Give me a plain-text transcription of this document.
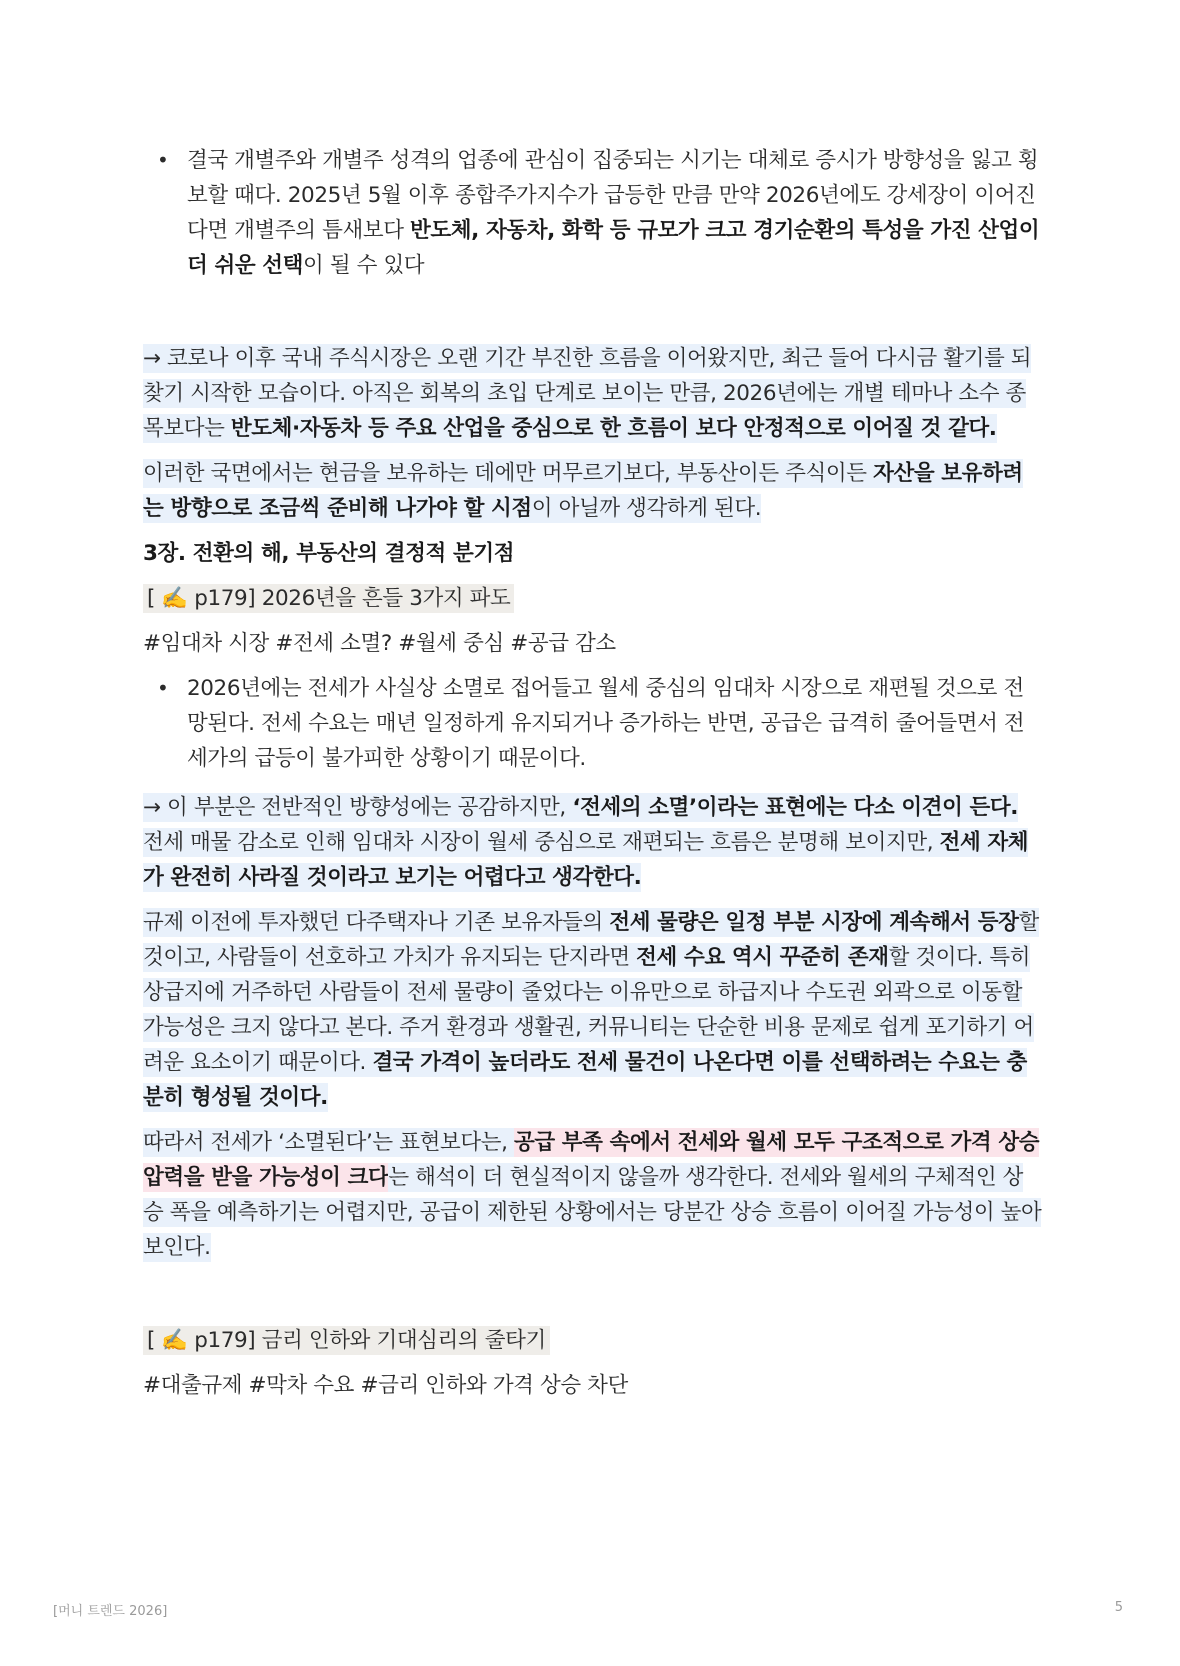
• 결국 개별주와 개별주 성격의 업종에 관심이 집중되는 시기는 대체로 증시가 방향성을 잃고 횡보할 때다. 2025년 5월 이후 종합주가지수가 급등한 만큼 만약 2026년에도 강세장이 이어진다면 개별주의 틈새보다 반도체, 자동차, 화학 등 규모가 크고 경기순환의 특성을 가진 산업이 더 쉬운 선택이 될 수 있다

→ 코로나 이후 국내 주식시장은 오랜 기간 부진한 흐름을 이어왔지만, 최근 들어 다시금 활기를 되찾기 시작한 모습이다. 아직은 회복의 초입 단계로 보이는 만큼, 2026년에는 개별 테마나 소수 종목보다는 반도체·자동차 등 주요 산업을 중심으로 한 흐름이 보다 안정적으로 이어질 것 같다.

이러한 국면에서는 현금을 보유하는 데에만 머무르기보다, 부동산이든 주식이든 자산을 보유하려는 방향으로 조금씩 준비해 나가야 할 시점이 아닐까 생각하게 된다.

3장. 전환의 해, 부동산의 결정적 분기점

[ ✍️ p179] 2026년을 흔들 3가지 파도

#임대차 시장 #전세 소멸? #월세 중심 #공급 감소

• 2026년에는 전세가 사실상 소멸로 접어들고 월세 중심의 임대차 시장으로 재편될 것으로 전망된다. 전세 수요는 매년 일정하게 유지되거나 증가하는 반면, 공급은 급격히 줄어들면서 전세가의 급등이 불가피한 상황이기 때문이다.

→ 이 부분은 전반적인 방향성에는 공감하지만, ‘전세의 소멸’이라는 표현에는 다소 이견이 든다. 전세 매물 감소로 인해 임대차 시장이 월세 중심으로 재편되는 흐름은 분명해 보이지만, 전세 자체가 완전히 사라질 것이라고 보기는 어렵다고 생각한다.

규제 이전에 투자했던 다주택자나 기존 보유자들의 전세 물량은 일정 부분 시장에 계속해서 등장할 것이고, 사람들이 선호하고 가치가 유지되는 단지라면 전세 수요 역시 꾸준히 존재할 것이다. 특히 상급지에 거주하던 사람들이 전세 물량이 줄었다는 이유만으로 하급지나 수도권 외곽으로 이동할 가능성은 크지 않다고 본다. 주거 환경과 생활권, 커뮤니티는 단순한 비용 문제로 쉽게 포기하기 어려운 요소이기 때문이다. 결국 가격이 높더라도 전세 물건이 나온다면 이를 선택하려는 수요는 충분히 형성될 것이다.

따라서 전세가 ‘소멸된다’는 표현보다는, 공급 부족 속에서 전세와 월세 모두 구조적으로 가격 상승 압력을 받을 가능성이 크다는 해석이 더 현실적이지 않을까 생각한다. 전세와 월세의 구체적인 상승 폭을 예측하기는 어렵지만, 공급이 제한된 상황에서는 당분간 상승 흐름이 이어질 가능성이 높아 보인다.

[ ✍️ p179] 금리 인하와 기대심리의 줄타기

#대출규제 #막차 수요 #금리 인하와 가격 상승 차단

[머니 트렌드 2026]	5
